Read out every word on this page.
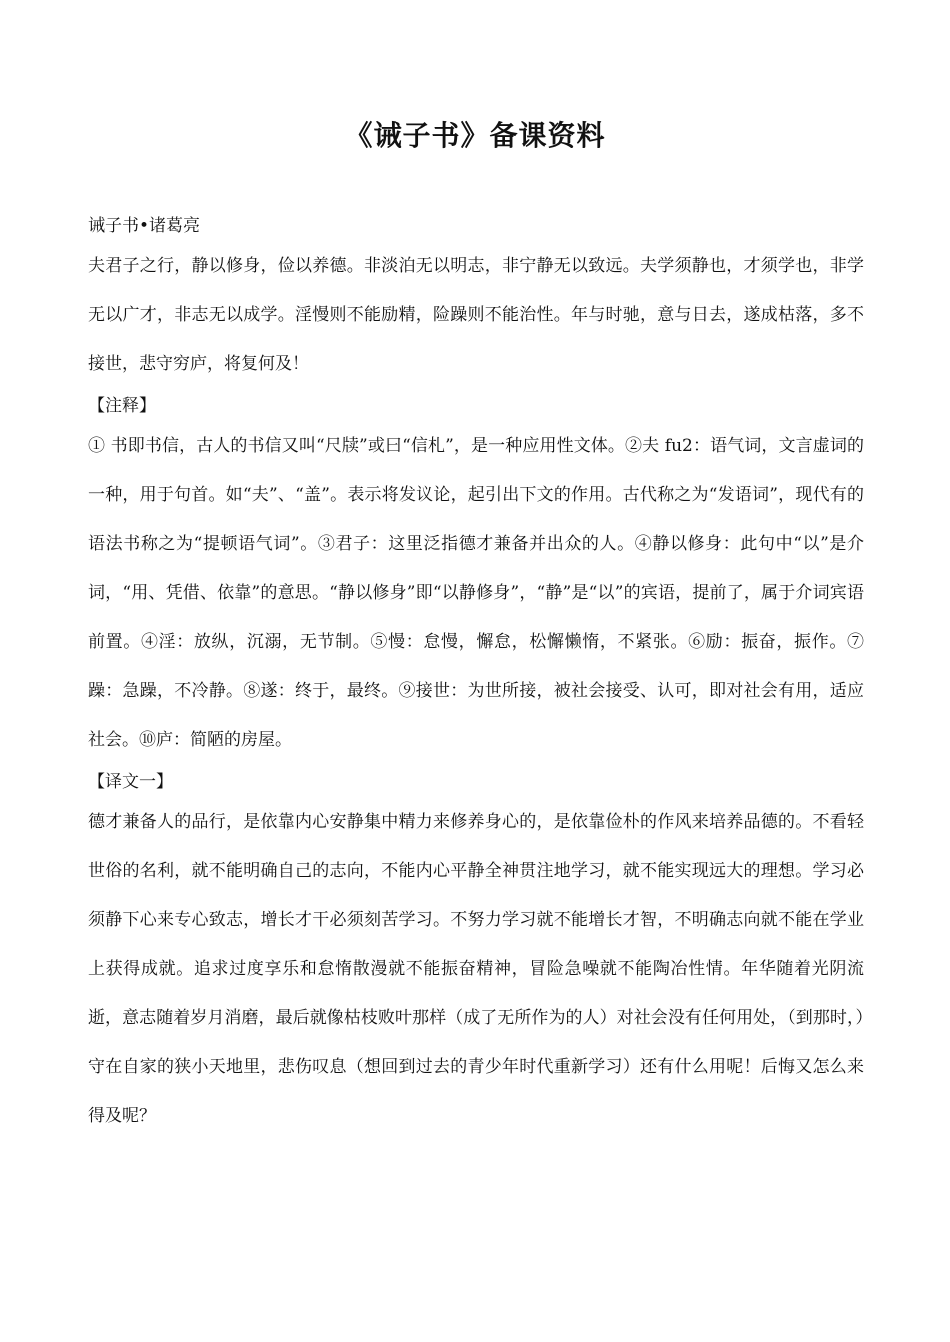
《诫子书》备课资料

诫子书•诸葛亮

夫君子之行，静以修身，俭以养德。非淡泊无以明志，非宁静无以致远。夫学须静也，才须学也，非学无以广才，非志无以成学。淫慢则不能励精，险躁则不能治性。年与时驰，意与日去，遂成枯落，多不接世，悲守穷庐，将复何及！

【注释】

① 书即书信，古人的书信又叫“尺牍”或曰“信札”，是一种应用性文体。②夫 fu2：语气词，文言虚词的一种，用于句首。如“夫”、“盖”。表示将发议论，起引出下文的作用。古代称之为“发语词”，现代有的语法书称之为“提顿语气词”。③君子：这里泛指德才兼备并出众的人。④静以修身：此句中“以”是介词，“用、凭借、依靠”的意思。“静以修身”即“以静修身”，“静”是“以”的宾语，提前了，属于介词宾语前置。④淫：放纵，沉溺，无节制。⑤慢：怠慢，懈怠，松懈懒惰，不紧张。⑥励：振奋，振作。⑦躁：急躁，不冷静。⑧遂：终于，最终。⑨接世：为世所接，被社会接受、认可，即对社会有用，适应社会。⑩庐：简陋的房屋。

【译文一】

德才兼备人的品行，是依靠内心安静集中精力来修养身心的，是依靠俭朴的作风来培养品德的。不看轻世俗的名利，就不能明确自己的志向，不能内心平静全神贯注地学习，就不能实现远大的理想。学习必须静下心来专心致志，增长才干必须刻苦学习。不努力学习就不能增长才智，不明确志向就不能在学业上获得成就。追求过度享乐和怠惰散漫就不能振奋精神，冒险急噪就不能陶冶性情。年华随着光阴流逝，意志随着岁月消磨，最后就像枯枝败叶那样（成了无所作为的人）对社会没有任何用处，（到那时，）守在自家的狭小天地里，悲伤叹息（想回到过去的青少年时代重新学习）还有什么用呢！后悔又怎么来得及呢？
